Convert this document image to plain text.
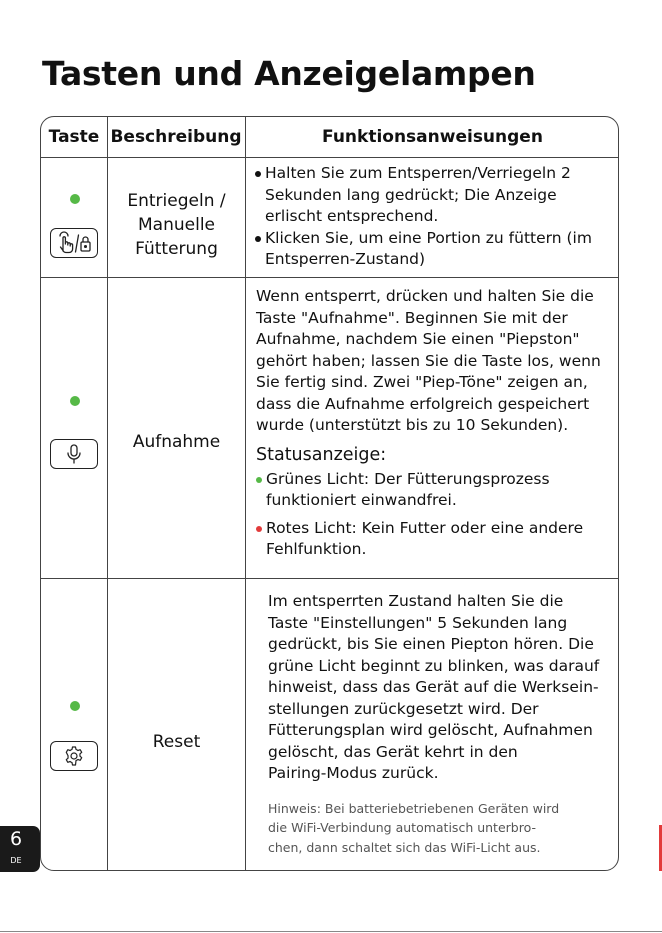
Tasten und Anzeigelampen
Taste Beschreibung	Funktionsanweisungen
Entriegeln /
Manuelle
Fütterung
Halten Sie zum Entsperren/Verriegeln 2
Sekunden lang gedrückt; Die Anzeige
erlischt entsprechend.
Klicken Sie, um eine Portion zu füttern (im
Entsperren-Zustand)
Aufnahme
Wenn entsperrt, drücken und halten Sie die
Taste "Aufnahme". Beginnen Sie mit der
Aufnahme, nachdem Sie einen "Piepston"
gehört haben; lassen Sie die Taste los, wenn
Sie fertig sind. Zwei "Piep-Töne" zeigen an,
dass die Aufnahme erfolgreich gespeichert
wurde (unterstützt bis zu 10 Sekunden).
Statusanzeige:
Grünes Licht: Der Fütterungsprozess
funktioniert einwandfrei.
Rotes Licht: Kein Futter oder eine andere
Fehlfunktion.
Reset
Im entsperrten Zustand halten Sie die
Taste "Einstellungen" 5 Sekunden lang
gedrückt, bis Sie einen Piepton hören. Die
grüne Licht beginnt zu blinken, was darauf
hinweist, dass das Gerät auf die Werksein-
stellungen zurückgesetzt wird. Der
Fütterungsplan wird gelöscht, Aufnahmen
gelöscht, das Gerät kehrt in den
Pairing-Modus zurück.
Hinweis: Bei batteriebetriebenen Geräten wird
die WiFi-Verbindung automatisch unterbro-
chen, dann schaltet sich das WiFi-Licht aus.
6
DE
